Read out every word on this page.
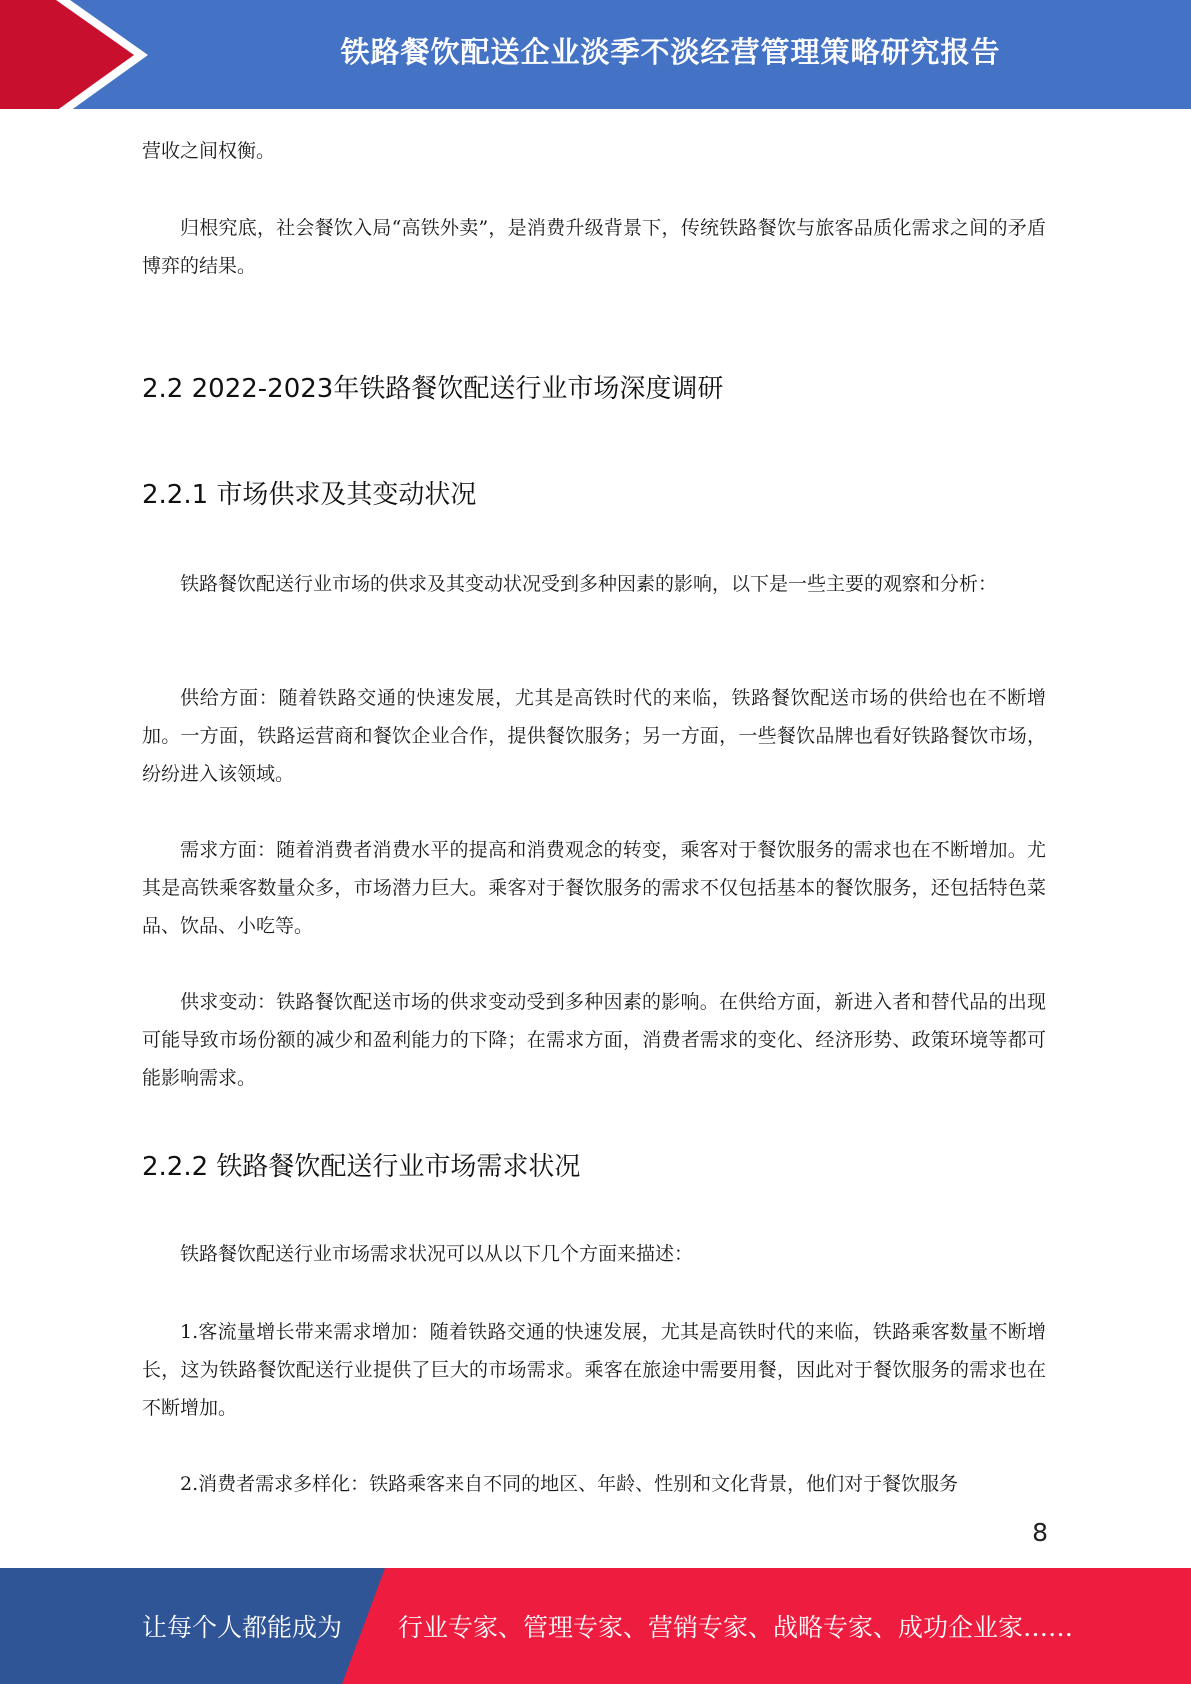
铁路餐饮配送企业淡季不淡经营管理策略研究报告

营收之间权衡。

归根究底，社会餐饮入局“高铁外卖”，是消费升级背景下，传统铁路餐饮与旅客品质化需求之间的矛盾博弈的结果。

2.2 2022-2023年铁路餐饮配送行业市场深度调研
2.2.1 市场供求及其变动状况

铁路餐饮配送行业市场的供求及其变动状况受到多种因素的影响，以下是一些主要的观察和分析：

供给方面：随着铁路交通的快速发展，尤其是高铁时代的来临，铁路餐饮配送市场的供给也在不断增加。一方面，铁路运营商和餐饮企业合作，提供餐饮服务；另一方面，一些餐饮品牌也看好铁路餐饮市场，纷纷进入该领域。

需求方面：随着消费者消费水平的提高和消费观念的转变，乘客对于餐饮服务的需求也在不断增加。尤其是高铁乘客数量众多，市场潜力巨大。乘客对于餐饮服务的需求不仅包括基本的餐饮服务，还包括特色菜品、饮品、小吃等。

供求变动：铁路餐饮配送市场的供求变动受到多种因素的影响。在供给方面，新进入者和替代品的出现可能导致市场份额的减少和盈利能力的下降；在需求方面，消费者需求的变化、经济形势、政策环境等都可能影响需求。

2.2.2 铁路餐饮配送行业市场需求状况

铁路餐饮配送行业市场需求状况可以从以下几个方面来描述：

1.客流量增长带来需求增加：随着铁路交通的快速发展，尤其是高铁时代的来临，铁路乘客数量不断增长，这为铁路餐饮配送行业提供了巨大的市场需求。乘客在旅途中需要用餐，因此对于餐饮服务的需求也在不断增加。

2.消费者需求多样化：铁路乘客来自不同的地区、年龄、性别和文化背景，他们对于餐饮服务

8
让每个人都能成为 行业专家、管理专家、营销专家、战略专家、成功企业家……
